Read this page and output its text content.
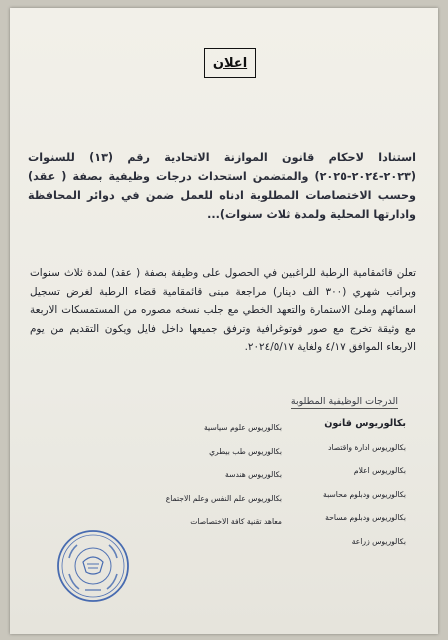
اعلان
استنادا لاحكام قانون الموازنة الاتحادية رقم (١٣) للسنوات (٢٠٢٣-٢٠٢٤-٢٠٢٥) والمتضمن استحداث درجات وظيفية بصفة ( عقد) وحسب الاختصاصات المطلوبة ادناه للعمل ضمن في دوائر المحافظة وادارتها المحلية ولمدة ثلاث سنوات)...
تعلن قائمقامية الرطبة للراغبين في الحصول على وظيفة بصفة ( عقد) لمدة ثلاث سنوات وبراتب شهري (٣٠٠ الف دينار) مراجعة مبنى قائمقامية قضاء الرطبة لغرض تسجيل اسمائهم وملئ الاستمارة والتعهد الخطي مع جلب نسخه مصوره من المستمسكات الاربعة مع وثيقة تخرج مع صور فوتوغرافية وترفق جميعها داخل فايل ويكون التقديم من يوم الاربعاء الموافق ٤/١٧ ولغاية ٢٠٢٤/٥/١٧.
الدرجات الوظيفية المطلوبة
بكالوريوس قانون
بكالوريوس ادارة واقتصاد
بكالوريوس اعلام
بكالوريوس ودبلوم محاسبة
بكالوريوس ودبلوم مساحة
بكالوريوس زراعة
بكالوريوس علوم سياسية
بكالوريوس طب بيطري
بكالوريوس هندسة
بكالوريوس علم النفس وعلم الاجتماع
معاهد تقنية كافة الاختصاصات
